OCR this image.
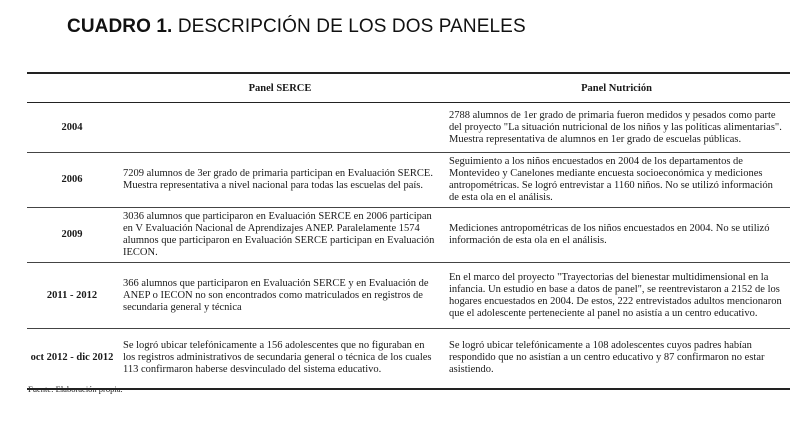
CUADRO 1. DESCRIPCIÓN DE LOS DOS PANELES
	Panel SERCE	Panel Nutrición
2004		2788 alumnos de 1er grado de primaria fueron medidos y pesados como parte del proyecto "La situación nutricional de los niños y las políticas alimentarias". Muestra representativa de alumnos en 1er grado de escuelas públicas.
2006	7209 alumnos de 3er grado de primaria participan en Evaluación SERCE. Muestra representativa a nivel nacional para todas las escuelas del país.	Seguimiento a los niños encuestados en 2004 de los departamentos de Montevideo y Canelones mediante encuesta socioeconómica y mediciones antropométricas. Se logró entrevistar a 1160 niños. No se utilizó información de esta ola en el análisis.
2009	3036 alumnos que participaron en Evaluación SERCE en 2006 participan en V Evaluación Nacional de Aprendizajes ANEP. Paralelamente 1574 alumnos que participaron en Evaluación SERCE participan en Evaluación IECON.	Mediciones antropométricas de los niños encuestados en 2004. No se utilizó información de esta ola en el análisis.
2011 - 2012	366 alumnos que participaron en Evaluación SERCE y en Evaluación de ANEP o IECON no son encontrados como matriculados en registros de secundaria general y técnica	En el marco del proyecto "Trayectorias del bienestar multidimensional en la infancia. Un estudio en base a datos de panel", se reentrevistaron a 2152 de los hogares encuestados en 2004. De estos, 222 entrevistados adultos mencionaron que el adolescente perteneciente al panel no asistía a un centro educativo.
oct 2012 - dic 2012	Se logró ubicar telefónicamente a 156 adolescentes que no figuraban en los registros administrativos de secundaria general o técnica de los cuales 113 confirmaron haberse desvinculado del sistema educativo.	Se logró ubicar telefónicamente a 108 adolescentes cuyos padres habían respondido que no asistían a un centro educativo y 87 confirmaron no estar asistiendo.
Fuente: Elaboración propia.
